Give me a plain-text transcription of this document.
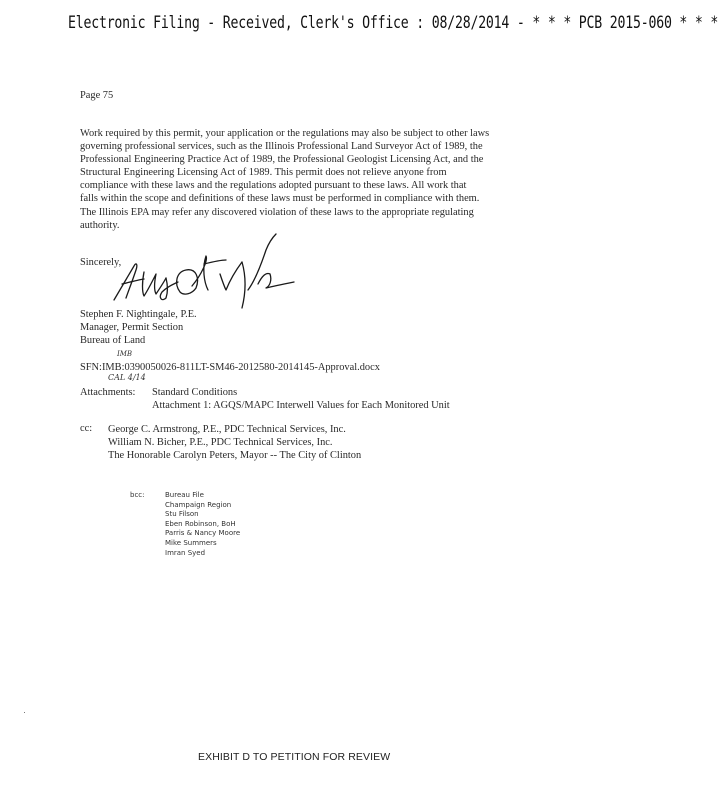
Electronic Filing - Received, Clerk's Office : 08/28/2014 - * * * PCB 2015-060 * * *
Page 75
Work required by this permit, your application or the regulations may also be subject to other laws
governing professional services, such as the Illinois Professional Land Surveyor Act of 1989, the
Professional Engineering Practice Act of 1989, the Professional Geologist Licensing Act, and the
Structural Engineering Licensing Act of 1989. This permit does not relieve anyone from
compliance with these laws and the regulations adopted pursuant to these laws. All work that
falls within the scope and definitions of these laws must be performed in compliance with them.
The Illinois EPA may refer any discovered violation of these laws to the appropriate regulating
authority.
Sincerely,
Stephen F. Nightingale, P.E.
Manager, Permit Section
Bureau of Land
IMB
SFN:IMB:0390050026-811LT-SM46-2012580-2014145-Approval.docx
CAL 4/14
Attachments: Standard Conditions
Attachment 1: AGQS/MAPC Interwell Values for Each Monitored Unit
cc: George C. Armstrong, P.E., PDC Technical Services, Inc.
William N. Bicher, P.E., PDC Technical Services, Inc.
The Honorable Carolyn Peters, Mayor -- The City of Clinton
bcc:	Bureau File
Champaign Region
Stu Filson
Eben Robinson, BoH
Parris & Nancy Moore
Mike Summers
Imran Syed
EXHIBIT D TO PETITION FOR REVIEW
